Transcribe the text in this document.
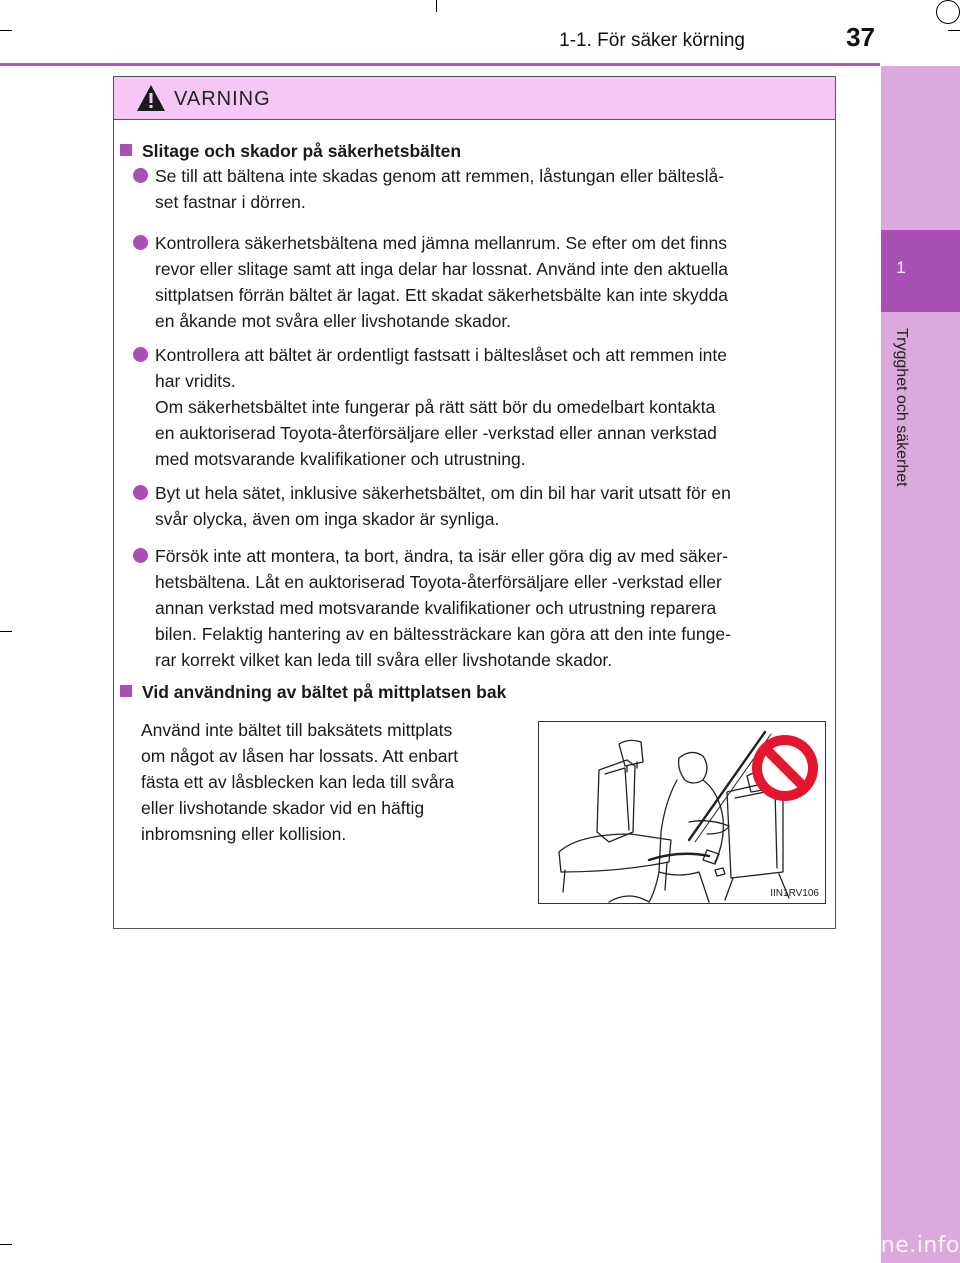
1-1. För säker körning	37
1
Trygghet och säkerhet
VARNING
Slitage och skador på säkerhetsbälten
Se till att bältena inte skadas genom att remmen, låstungan eller bälteslå-
set fastnar i dörren.
Kontrollera säkerhetsbältena med jämna mellanrum. Se efter om det finns
revor eller slitage samt att inga delar har lossnat. Använd inte den aktuella
sittplatsen förrän bältet är lagat. Ett skadat säkerhetsbälte kan inte skydda
en åkande mot svåra eller livshotande skador.
Kontrollera att bältet är ordentligt fastsatt i bälteslåset och att remmen inte
har vridits.
Om säkerhetsbältet inte fungerar på rätt sätt bör du omedelbart kontakta
en auktoriserad Toyota-återförsäljare eller -verkstad eller annan verkstad
med motsvarande kvalifikationer och utrustning.
Byt ut hela sätet, inklusive säkerhetsbältet, om din bil har varit utsatt för en
svår olycka, även om inga skador är synliga.
Försök inte att montera, ta bort, ändra, ta isär eller göra dig av med säker-
hetsbältena. Låt en auktoriserad Toyota-återförsäljare eller -verkstad eller
annan verkstad med motsvarande kvalifikationer och utrustning reparera
bilen. Felaktig hantering av en bältessträckare kan göra att den inte funge-
rar korrekt vilket kan leda till svåra eller livshotande skador.
Vid användning av bältet på mittplatsen bak
Använd inte bältet till baksätets mittplats
om något av låsen har lossats. Att enbart
fästa ett av låsblecken kan leda till svåra
eller livshotande skador vid en häftig
inbromsning eller kollision.
IIN1RV106
carmanualsonline.info
